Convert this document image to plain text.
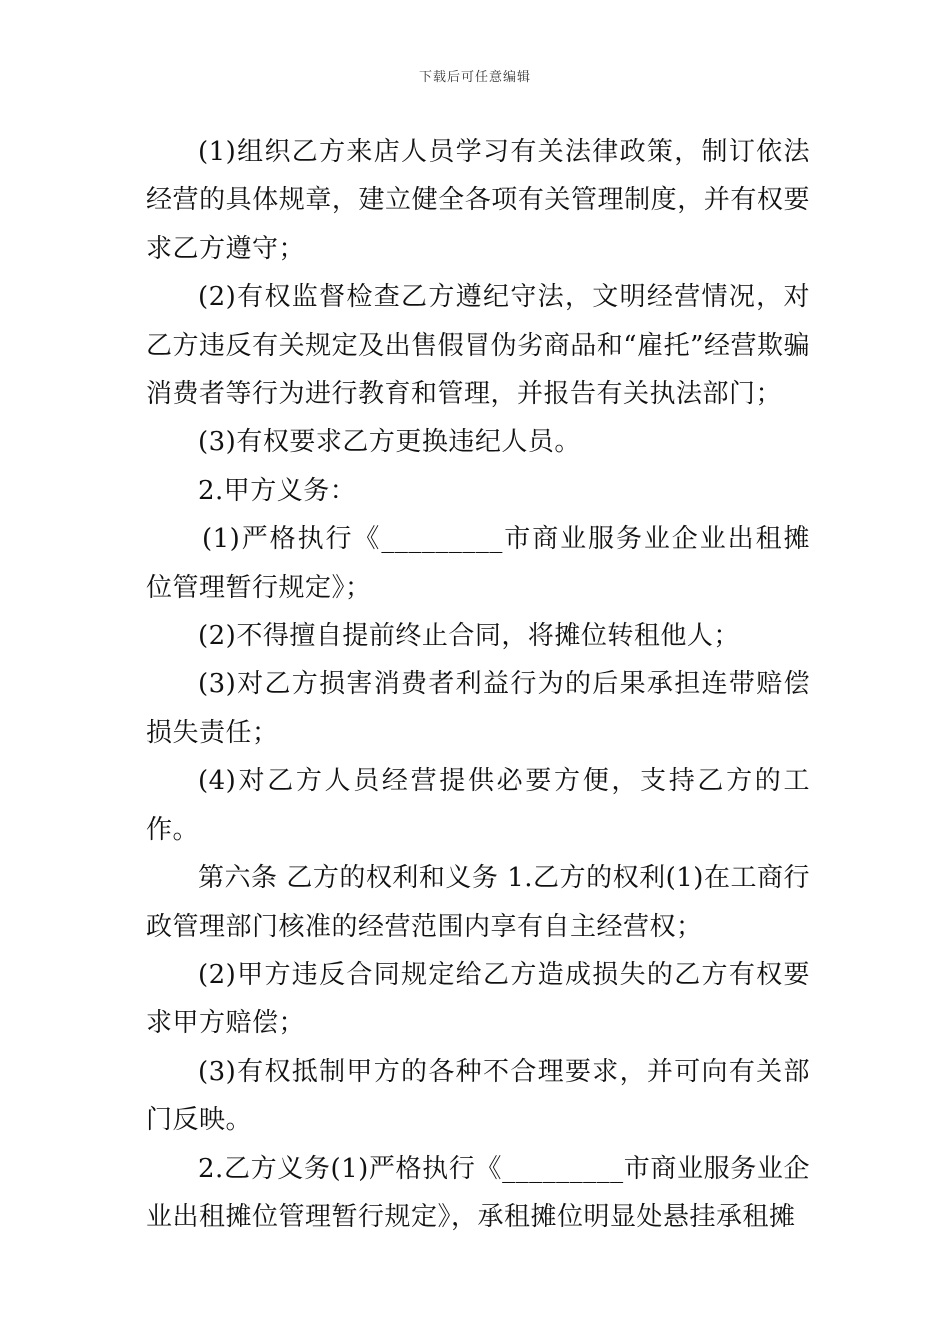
下载后可任意编辑

(1)组织乙方来店人员学习有关法律政策，制订依法经营的具体规章，建立健全各项有关管理制度，并有权要求乙方遵守；

(2)有权监督检查乙方遵纪守法，文明经营情况，对乙方违反有关规定及出售假冒伪劣商品和“雇托”经营欺骗消费者等行为进行教育和管理，并报告有关执法部门；

(3)有权要求乙方更换违纪人员。

2.甲方义务：

(1)严格执行《_________市商业服务业企业出租摊位管理暂行规定》；

(2)不得擅自提前终止合同，将摊位转租他人；

(3)对乙方损害消费者利益行为的后果承担连带赔偿损失责任；

(4)对乙方人员经营提供必要方便，支持乙方的工作。

第六条 乙方的权利和义务 1.乙方的权利(1)在工商行政管理部门核准的经营范围内享有自主经营权；

(2)甲方违反合同规定给乙方造成损失的乙方有权要求甲方赔偿；

(3)有权抵制甲方的各种不合理要求，并可向有关部门反映。

2.乙方义务(1)严格执行《_________市商业服务业企业出租摊位管理暂行规定》，承租摊位明显处悬挂承租摊
